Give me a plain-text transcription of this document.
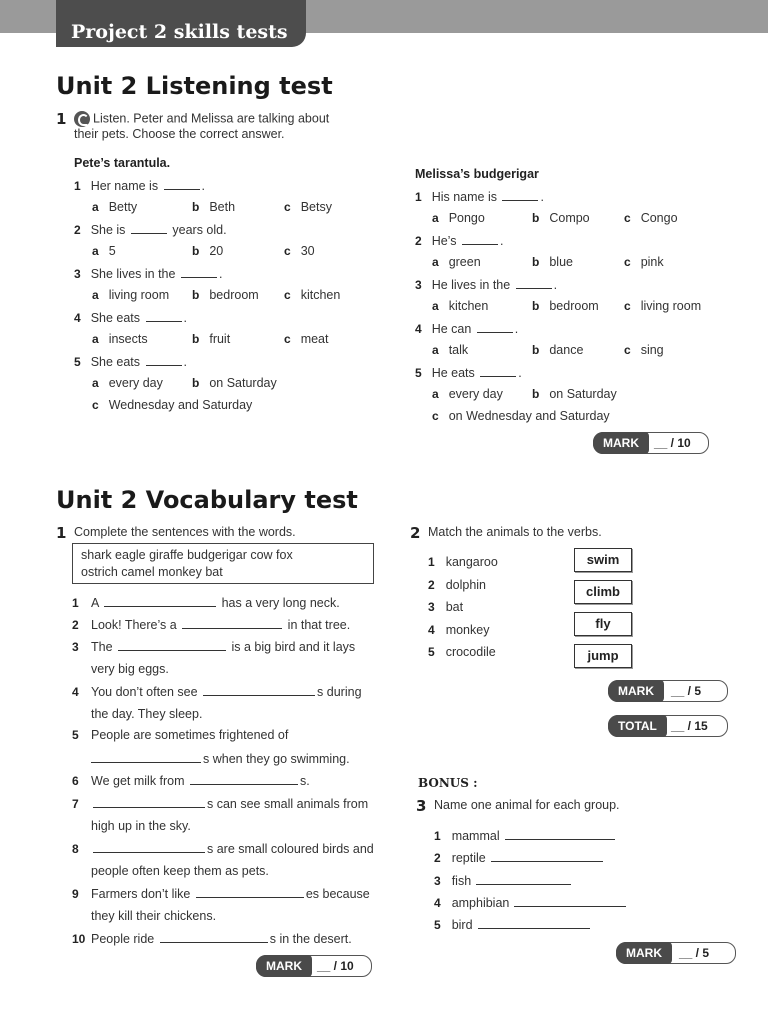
Project 2 skills tests
Unit 2 Listening test
1	Listen. Peter and Melissa are talking about
their pets. Choose the correct answer.
Pete’s tarantula.
1 Her name is	.
a Betty	b Beth	c Betsy
2 She is	years old.
a 5	b 20	c 30
3 She lives in the	.
a living room b bedroom c kitchen
4 She eats	.
a insects	b fruit	c meat
5 She eats	.
a every day b on Saturday
c Wednesday and Saturday
Melissa’s budgerigar
1 His name is	.
a Pongo	b Compo	c Congo
2 He’s	.
a green	b blue	c pink
3 He lives in the	.
a kitchen	b bedroom c living room
4 He can	.
a talk	b dance	c sing
5 He eats	.
a every day b on Saturday
c on Wednesday and Saturday
MARK	__ / 10
Unit 2 Vocabulary test
1 Complete the sentences with the words.
shark eagle giraffe budgerigar cow fox
ostrich camel monkey bat
1 A	has a very long neck.
2 Look! There’s a	in that tree.
3 The	is a big bird and it lays
very big eggs.
4 You don’t often see	s during
the day. They sleep.
5 People are sometimes frightened of
s when they go swimming.
6 We get milk from	s.
7	s can see small animals from
high up in the sky.
8	s are small coloured birds and
people often keep them as pets.
9 Farmers don’t like	es because
they kill their chickens.
10 People ride	s in the desert.
MARK	__ / 10
2 Match the animals to the verbs.
1 kangaroo
2 dolphin
3 bat
4 monkey
5 crocodile
swim
climb
fly
jump
MARK	__ / 5
TOTAL	__ / 15
BONUS :
3 Name one animal for each group.
1 mammal
2 reptile
3 fish
4 amphibian
5 bird
MARK	__ / 5
